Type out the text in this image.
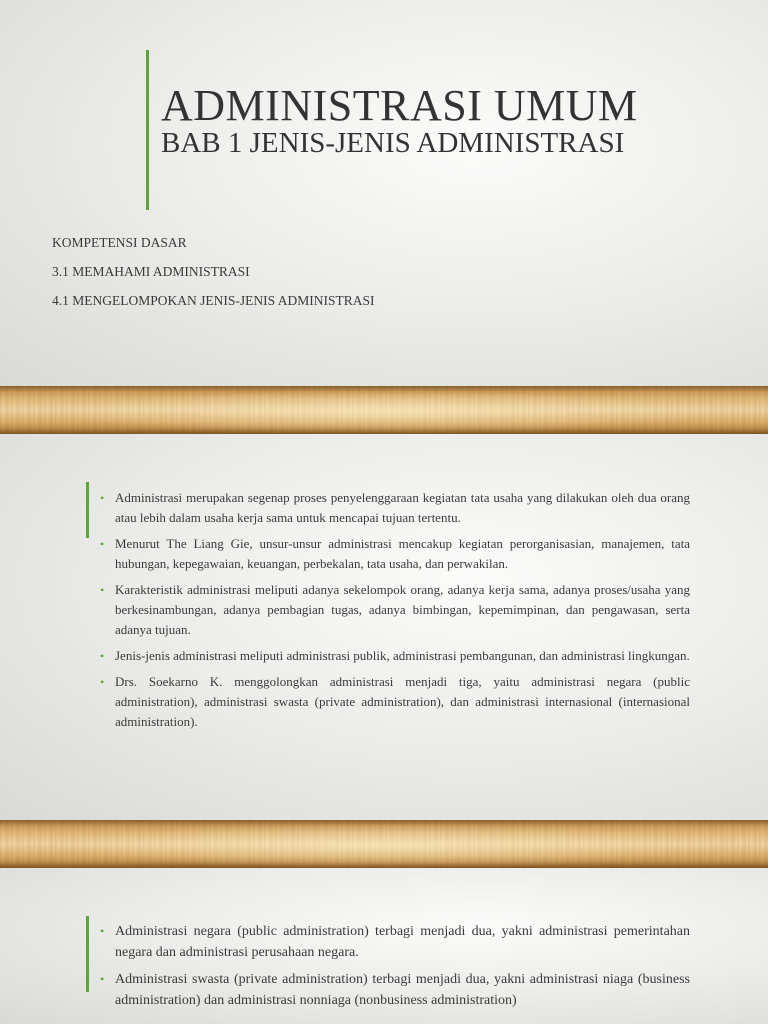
ADMINISTRASI UMUM
BAB 1 JENIS-JENIS ADMINISTRASI
KOMPETENSI DASAR
3.1 MEMAHAMI ADMINISTRASI
4.1 MENGELOMPOKAN JENIS-JENIS ADMINISTRASI
• Administrasi merupakan segenap proses penyelenggaraan kegiatan tata usaha yang dilakukan oleh dua orang atau lebih dalam usaha kerja sama untuk mencapai tujuan tertentu.
• Menurut The Liang Gie, unsur-unsur administrasi mencakup kegiatan perorganisasian, manajemen, tata hubungan, kepegawaian, keuangan, perbekalan, tata usaha, dan perwakilan.
• Karakteristik administrasi meliputi adanya sekelompok orang, adanya kerja sama, adanya proses/usaha yang berkesinambungan, adanya pembagian tugas, adanya bimbingan, kepemimpinan, dan pengawasan, serta adanya tujuan.
• Jenis-jenis administrasi meliputi administrasi publik, administrasi pembangunan, dan administrasi lingkungan.
• Drs. Soekarno K. menggolongkan administrasi menjadi tiga, yaitu administrasi negara (public administration), administrasi swasta (private administration), dan administrasi internasional (internasional administration).
• Administrasi negara (public administration) terbagi menjadi dua, yakni administrasi pemerintahan negara dan administrasi perusahaan negara.
• Administrasi swasta (private administration) terbagi menjadi dua, yakni administrasi niaga (business administration) dan administrasi nonniaga (nonbusiness administration)
